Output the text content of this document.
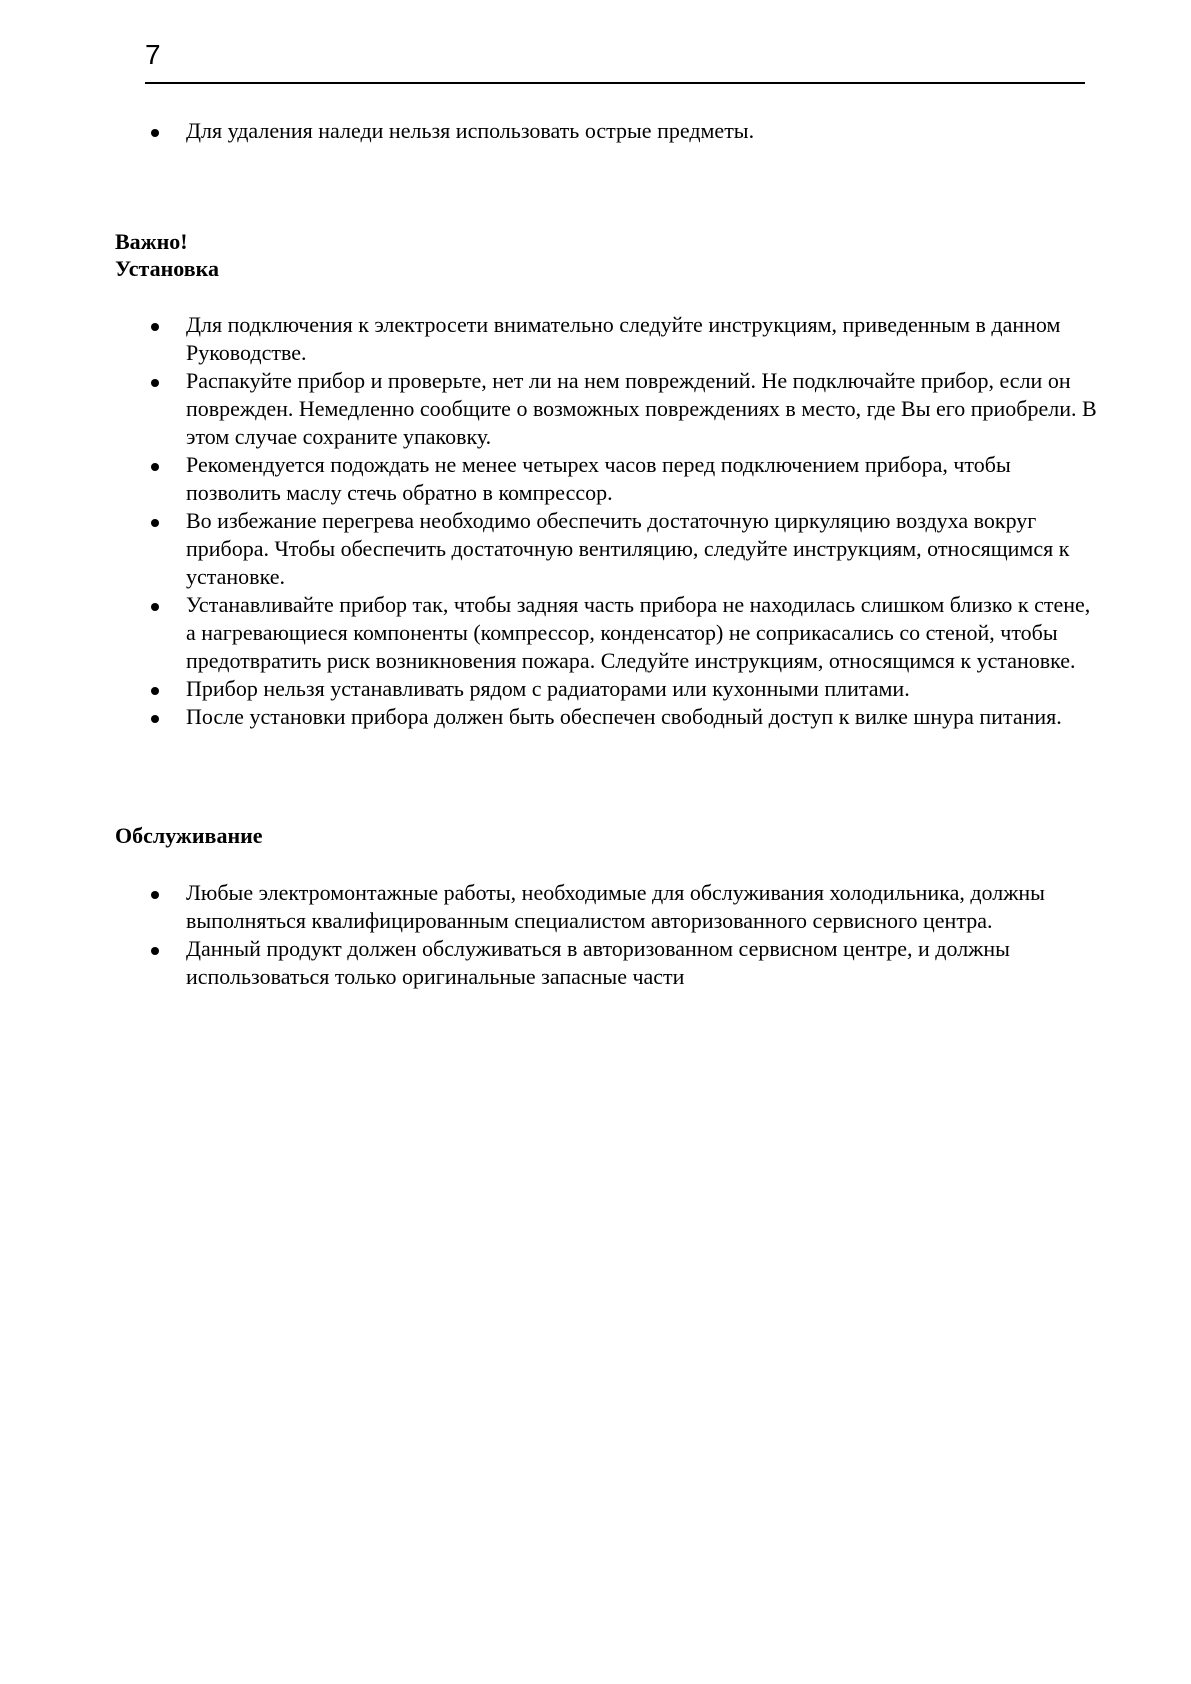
7
Для удаления наледи нельзя использовать острые предметы.
Важно!
Установка
Для подключения к электросети внимательно следуйте инструкциям, приведенным в данном Руководстве.
Распакуйте прибор и проверьте, нет ли на нем повреждений. Не подключайте прибор, если он поврежден. Немедленно сообщите о возможных повреждениях в место, где Вы его приобрели. В этом случае сохраните упаковку.
Рекомендуется подождать не менее четырех часов перед подключением прибора, чтобы позволить маслу стечь обратно в компрессор.
Во избежание перегрева необходимо обеспечить достаточную циркуляцию воздуха вокруг прибора. Чтобы обеспечить достаточную вентиляцию, следуйте инструкциям, относящимся к установке.
Устанавливайте прибор так, чтобы задняя часть прибора не находилась слишком близко к стене, а нагревающиеся компоненты (компрессор, конденсатор) не соприкасались со стеной, чтобы предотвратить риск возникновения пожара. Следуйте инструкциям, относящимся к установке.
Прибор нельзя устанавливать рядом с радиаторами или кухонными плитами.
После установки прибора должен быть обеспечен свободный доступ к вилке шнура питания.
Обслуживание
Любые электромонтажные работы, необходимые для обслуживания холодильника, должны выполняться квалифицированным специалистом авторизованного сервисного центра.
Данный продукт должен обслуживаться в авторизованном сервисном центре, и должны использоваться только оригинальные запасные части
